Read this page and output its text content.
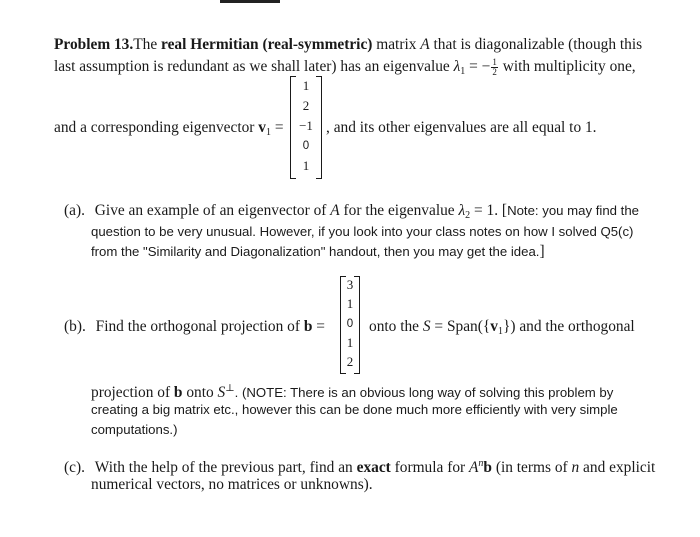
Problem 13.The real Hermitian (real-symmetric) matrix A that is diagonalizable (though this
last assumption is redundant as we shall later) has an eigenvalue $\lambda_1$ = − $\frac{1}{2}$ with multiplicity one,
and a corresponding eigenvector $v_1$ =
1
2
−1
0
1
, and its other eigenvalues are all equal to 1.
(a). Give an example of an eigenvector of A for the eigenvalue $\lambda_2 = 1$. [Note: you may find the
question to be very unusual. However, if you look into your class notes on how I solved Q5(c)
from the "Similarity and Diagonalization" handout, then you may get the idea.]
(b). Find the orthogonal projection of b =
3
1
0
1
2
onto the $S = Span(\{v_1\})$ and the orthogonal
projection of b onto S⊥. (NOTE: There is an obvious long way of solving this problem by
creating a big matrix etc., however this can be done much more efficiently with very simple
computations.)
(c). With the help of the previous part, find an exact formula for $A^nb$ (in terms of n and explicit
numerical vectors, no matrices or unknowns).
